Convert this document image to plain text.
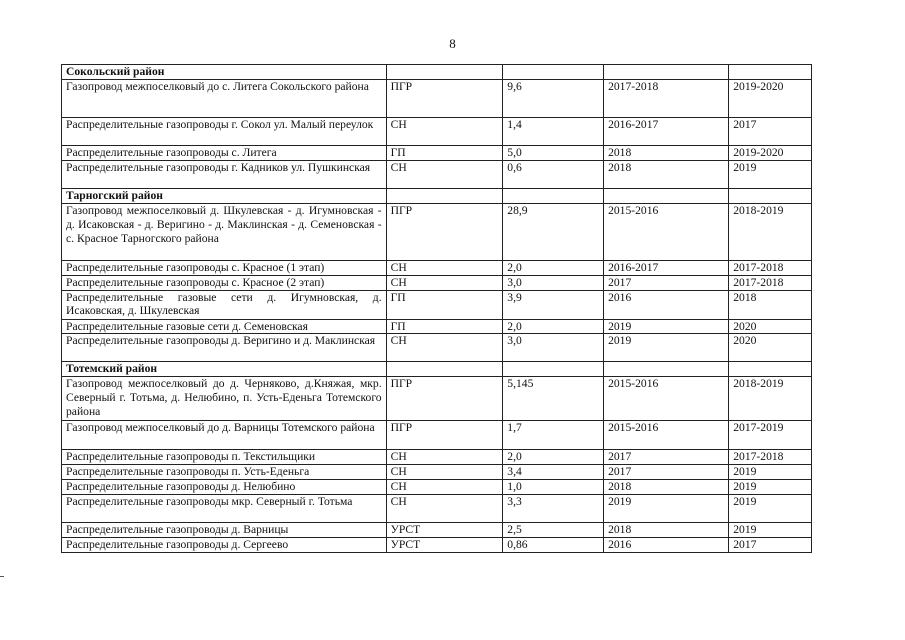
8
Сокольский район				
Газопровод межпоселковый до с. Литега Сокольского района	ПГР	9,6	2017-2018	2019-2020
Распределительные газопроводы г. Сокол ул. Малый переулок	СН	1,4	2016-2017	2017
Распределительные газопроводы с. Литега	ГП	5,0	2018	2019-2020
Распределительные газопроводы г. Кадников ул. Пушкинская	СН	0,6	2018	2019
Тарногский район				
Газопровод межпоселковый д. Шкулевская - д. Игумновская - д. Исаковская - д. Веригино - д. Маклинская - д. Семеновская - с. Красное Тарногского района	ПГР	28,9	2015-2016	2018-2019
Распределительные газопроводы с. Красное (1 этап)	СН	2,0	2016-2017	2017-2018
Распределительные газопроводы с. Красное (2 этап)	СН	3,0	2017	2017-2018
Распределительные газовые сети д. Игумновская, д. Исаковская, д. Шкулевская	ГП	3,9	2016	2018
Распределительные газовые сети д. Семеновская	ГП	2,0	2019	2020
Распределительные газопроводы д. Веригино и д. Маклинская	СН	3,0	2019	2020
Тотемский район				
Газопровод межпоселковый до д. Черняково, д.Княжая, мкр. Северный г. Тотьма, д. Нелюбино, п. Усть-Еденьга Тотемского района	ПГР	5,145	2015-2016	2018-2019
Газопровод межпоселковый до д. Варницы Тотемского района	ПГР	1,7	2015-2016	2017-2019
Распределительные газопроводы п. Текстильщики	СН	2,0	2017	2017-2018
Распределительные газопроводы п. Усть-Еденьга	СН	3,4	2017	2019
Распределительные газопроводы д. Нелюбино	СН	1,0	2018	2019
Распределительные газопроводы мкр. Северный г. Тотьма	СН	3,3	2019	2019
Распределительные газопроводы д. Варницы	УРСТ	2,5	2018	2019
Распределительные газопроводы д. Сергеево	УРСТ	0,86	2016	2017
